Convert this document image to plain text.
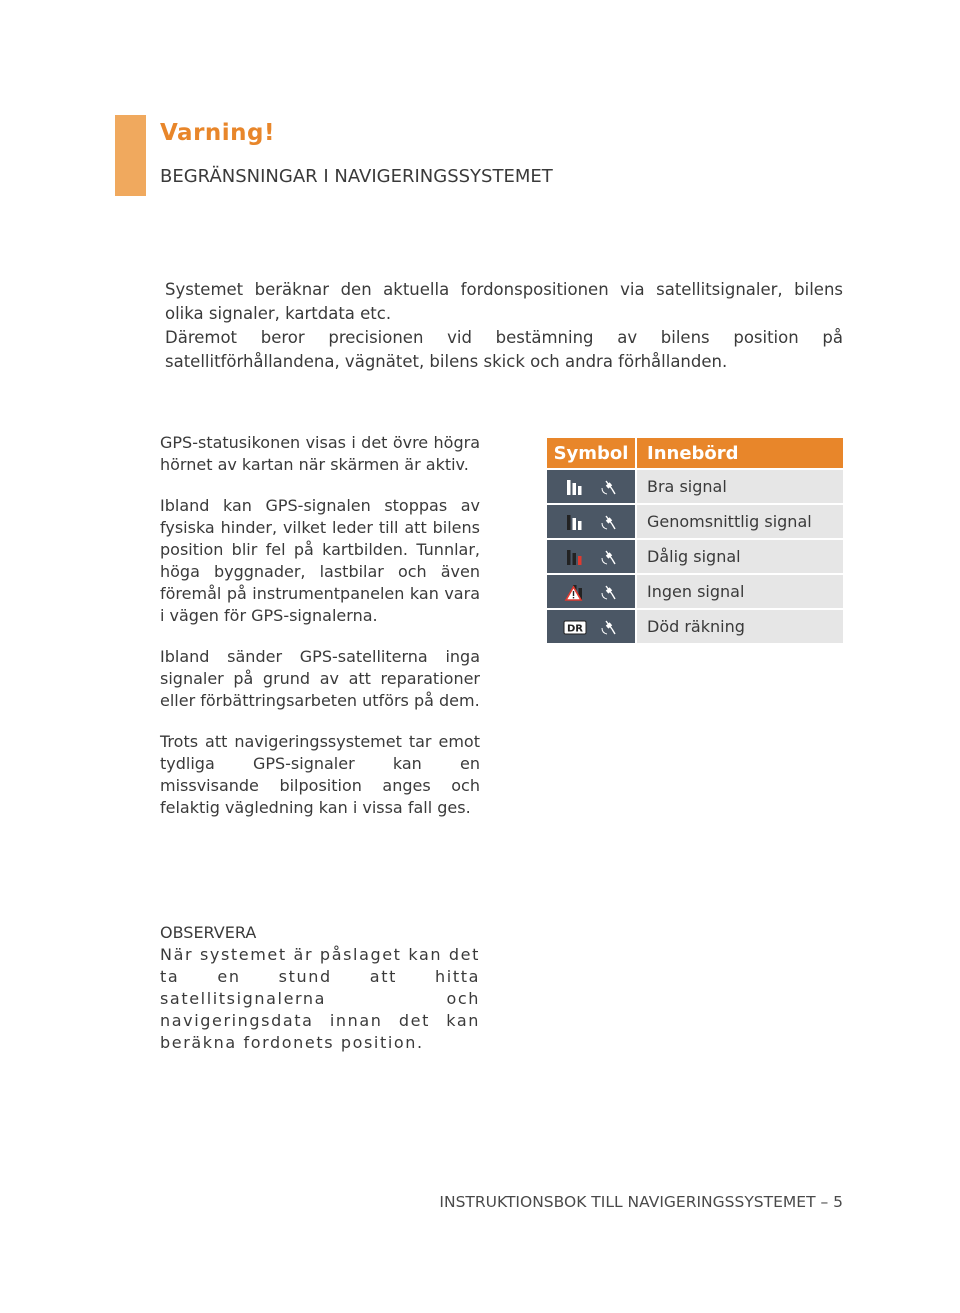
Varning!
BEGRÄNSNINGAR I NAVIGERINGSSYSTEMET

Systemet beräknar den aktuella fordonspositionen via satellitsignaler, bilens olika signaler, kartdata etc.

Däremot beror precisionen vid bestämning av bilens position på satellitförhållandena, vägnätet, bilens skick och andra förhållanden.

GPS-statusikonen visas i det övre högra hörnet av kartan när skärmen är aktiv.

Ibland kan GPS-signalen stoppas av fysiska hinder, vilket leder till att bilens position blir fel på kartbilden. Tunnlar, höga byggnader, lastbilar och även föremål på instrumentpanelen kan vara i vägen för GPS-signalerna.

Ibland sänder GPS-satelliterna inga signaler på grund av att reparationer eller förbättringsarbeten utförs på dem.

Trots att navigeringssystemet tar emot tydliga GPS-signaler kan en missvisande bilposition anges och felaktig vägledning kan i vissa fall ges.

OBSERVERA

När systemet är påslaget kan det ta en stund att hitta satellitsignalerna och navigeringsdata innan det kan beräkna fordonets position.

Symbol	Innebörd

	Bra signal

	Genomsnittlig signal

	Dålig signal

	Ingen signal

DR	Död räkning
INSTRUKTIONSBOK TILL NAVIGERINGSSYSTEMET – 5
